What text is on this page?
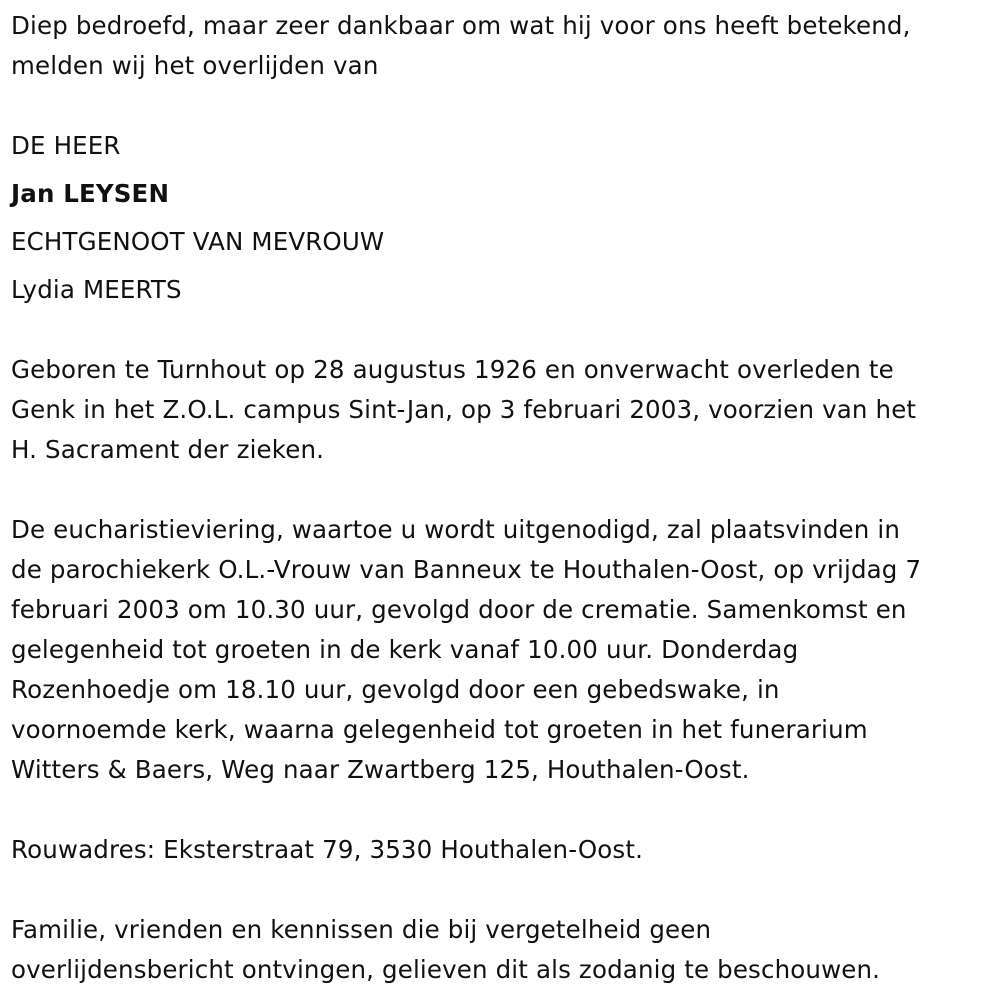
Diep bedroefd, maar zeer dankbaar om wat hij voor ons heeft betekend,

melden wij het overlijden van

DE HEER

Jan LEYSEN

ECHTGENOOT VAN MEVROUW

Lydia MEERTS

Geboren te Turnhout op 28 augustus 1926 en onverwacht overleden te

Genk in het Z.O.L. campus Sint-Jan, op 3 februari 2003, voorzien van het

H. Sacrament der zieken.

De eucharistieviering, waartoe u wordt uitgenodigd, zal plaatsvinden in

de parochiekerk O.L.-Vrouw van Banneux te Houthalen-Oost, op vrijdag 7

februari 2003 om 10.30 uur, gevolgd door de crematie. Samenkomst en

gelegenheid tot groeten in de kerk vanaf 10.00 uur. Donderdag

Rozenhoedje om 18.10 uur, gevolgd door een gebedswake, in

voornoemde kerk, waarna gelegenheid tot groeten in het funerarium

Witters & Baers, Weg naar Zwartberg 125, Houthalen-Oost.

Rouwadres: Eksterstraat 79, 3530 Houthalen-Oost.

Familie, vrienden en kennissen die bij vergetelheid geen

overlijdensbericht ontvingen, gelieven dit als zodanig te beschouwen.
